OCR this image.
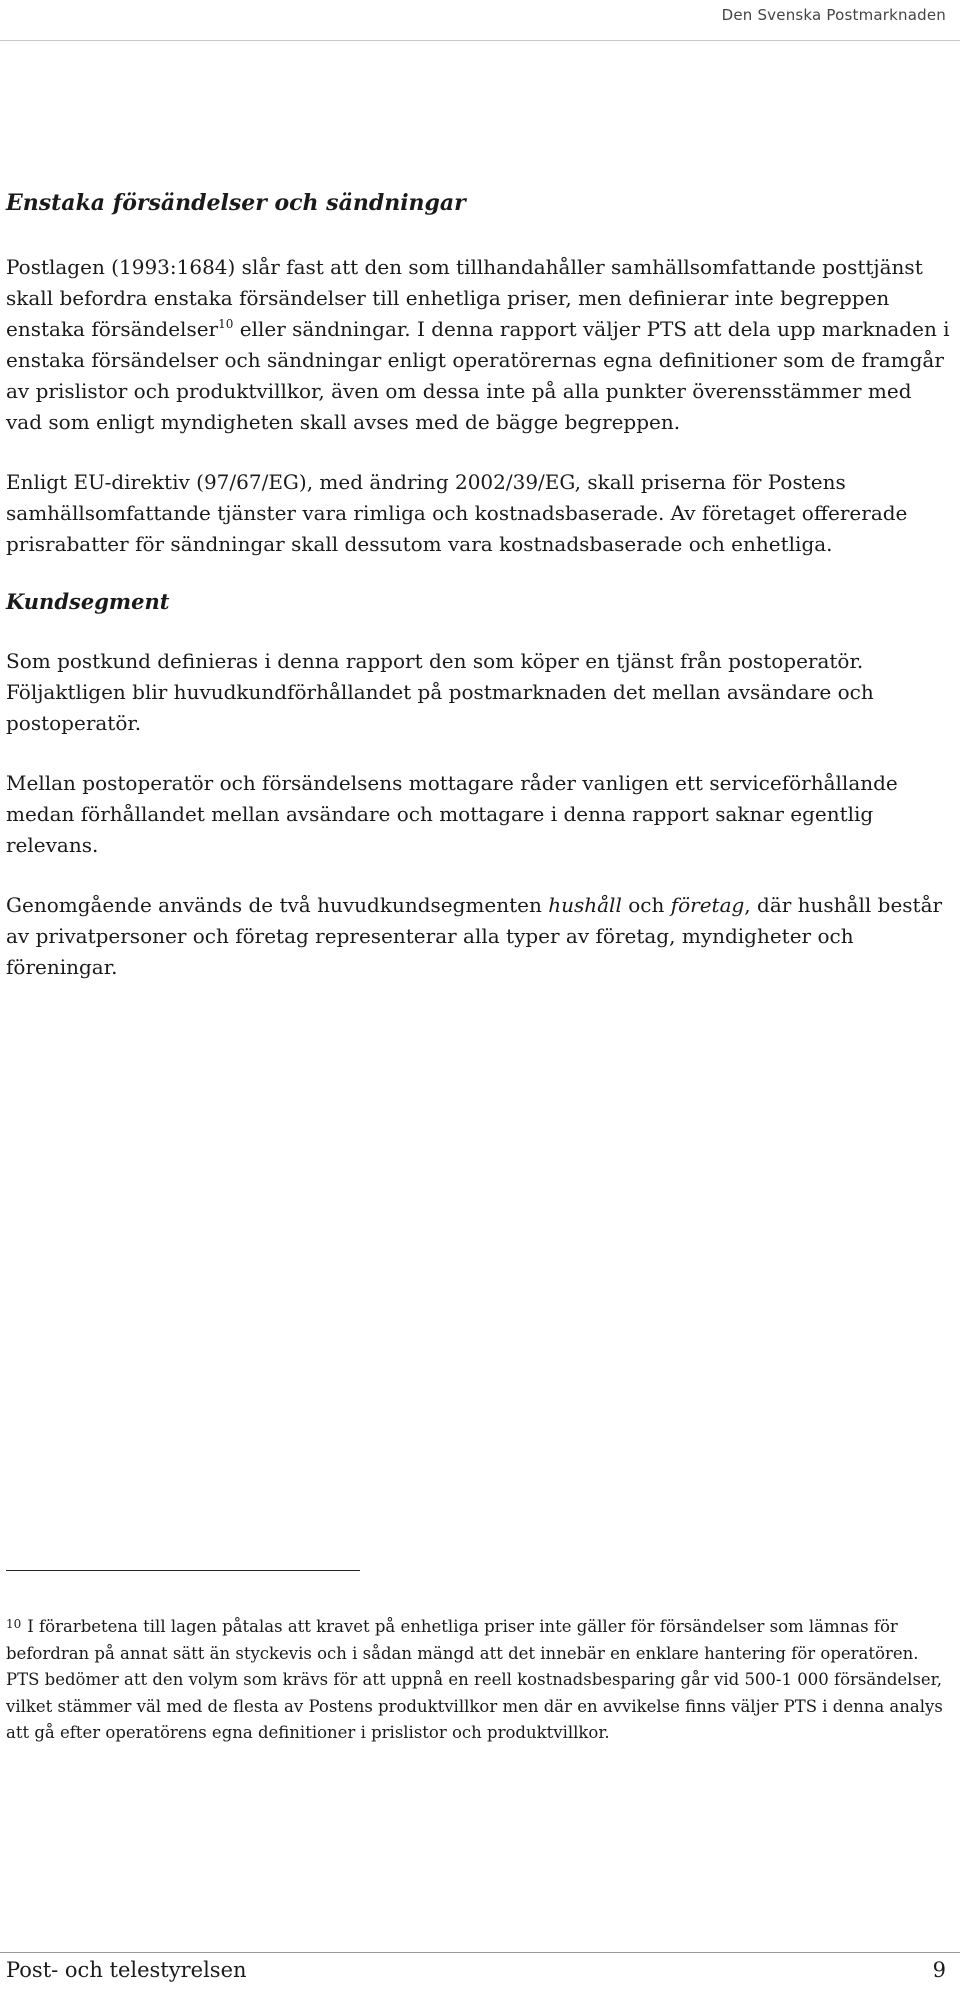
Den Svenska Postmarknaden
Enstaka försändelser och sändningar

Postlagen (1993:1684) slår fast att den som tillhandahåller samhällsomfattande posttjänst skall befordra enstaka försändelser till enhetliga priser, men definierar inte begreppen enstaka försändelser$^{10}$ eller sändningar. I denna rapport väljer PTS att dela upp marknaden i enstaka försändelser och sändningar enligt operatörernas egna definitioner som de framgår av prislistor och produktvillkor, även om dessa inte på alla punkter överensstämmer med vad som enligt myndigheten skall avses med de bägge begreppen.

Enligt EU-direktiv (97/67/EG), med ändring 2002/39/EG, skall priserna för Postens samhällsomfattande tjänster vara rimliga och kostnadsbaserade. Av företaget offererade prisrabatter för sändningar skall dessutom vara kostnadsbaserade och enhetliga.

Kundsegment

Som postkund definieras i denna rapport den som köper en tjänst från postoperatör. Följaktligen blir huvudkundförhållandet på postmarknaden det mellan avsändare och postoperatör.

Mellan postoperatör och försändelsens mottagare råder vanligen ett serviceförhållande medan förhållandet mellan avsändare och mottagare i denna rapport saknar egentlig relevans.

Genomgående används de två huvudkundsegmenten hushåll och företag, där hushåll består av privatpersoner och företag representerar alla typer av företag, myndigheter och föreningar.

$^{10}$ I förarbetena till lagen påtalas att kravet på enhetliga priser inte gäller för försändelser som lämnas för befordran på annat sätt än styckevis och i sådan mängd att det innebär en enklare hantering för operatören. PTS bedömer att den volym som krävs för att uppnå en reell kostnadsbesparing går vid 500-1 000 försändelser, vilket stämmer väl med de flesta av Postens produktvillkor men där en avvikelse finns väljer PTS i denna analys att gå efter operatörens egna definitioner i prislistor och produktvillkor.

Post- och telestyrelsen	9
